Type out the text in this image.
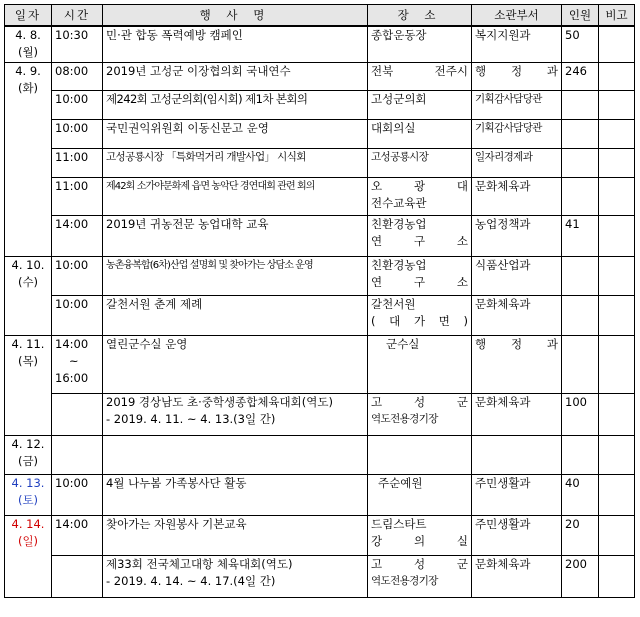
일자	시간	행 사 명	장 소	소관부서	인원	비고

4. 8.
(월)	10:30	민·관 합동 폭력예방 캠페인	종합운동장	복지지원과	50	

4. 9.
(화)	08:00	2019년 고성군 이장협의회 국내연수	전북 전주시	행 정 과	246	
	10:00	제242회 고성군의회(임시회) 제1차 본회의	고성군의회	기획감사담당관		
	10:00	국민권익위원회 이동신문고 운영	대회의실	기획감사담당관		
	11:00	고성공룡시장 「특화먹거리 개발사업」 시식회	고성공룡시장	일자리경제과		
	11:00	제42회 소가야문화제 읍면 농악단 경연대회 관련 회의	오 광 대
전수교육관	문화체육과		
	14:00	2019년 귀농전문 농업대학 교육	친환경농업
연 구 소	농업정책과	41	

4. 10.
(수)	10:00	농촌융복합(6차)산업 설명회 및 찾아가는 상담소 운영	친환경농업
연 구 소	식품산업과		
	10:00	갈천서원 춘계 제례	갈천서원
( 대 가 면 )	문화체육과		

4. 11.
(목)	14:00
~
16:00	열린군수실 운영	군수실	행 정 과		

		2019 경상남도 초·중학생종합체육대회(역도)
- 2019. 4. 11. ~ 4. 13.(3일 간)	고 성 군
역도전용경기장	문화체육과	100	

4. 12.
(금)						

4. 13.
(토)	10:00	4월 나누봄 가족봉사단 활동	주순예원	주민생활과	40	

4. 14.
(일)	14:00	찾아가는 자원봉사 기본교육	드림스타트
강 의 실	주민생활과	20	

		제33회 전국체고대항 체육대회(역도)
- 2019. 4. 14. ~ 4. 17.(4일 간)	고 성 군
역도전용경기장	문화체육과	200	
